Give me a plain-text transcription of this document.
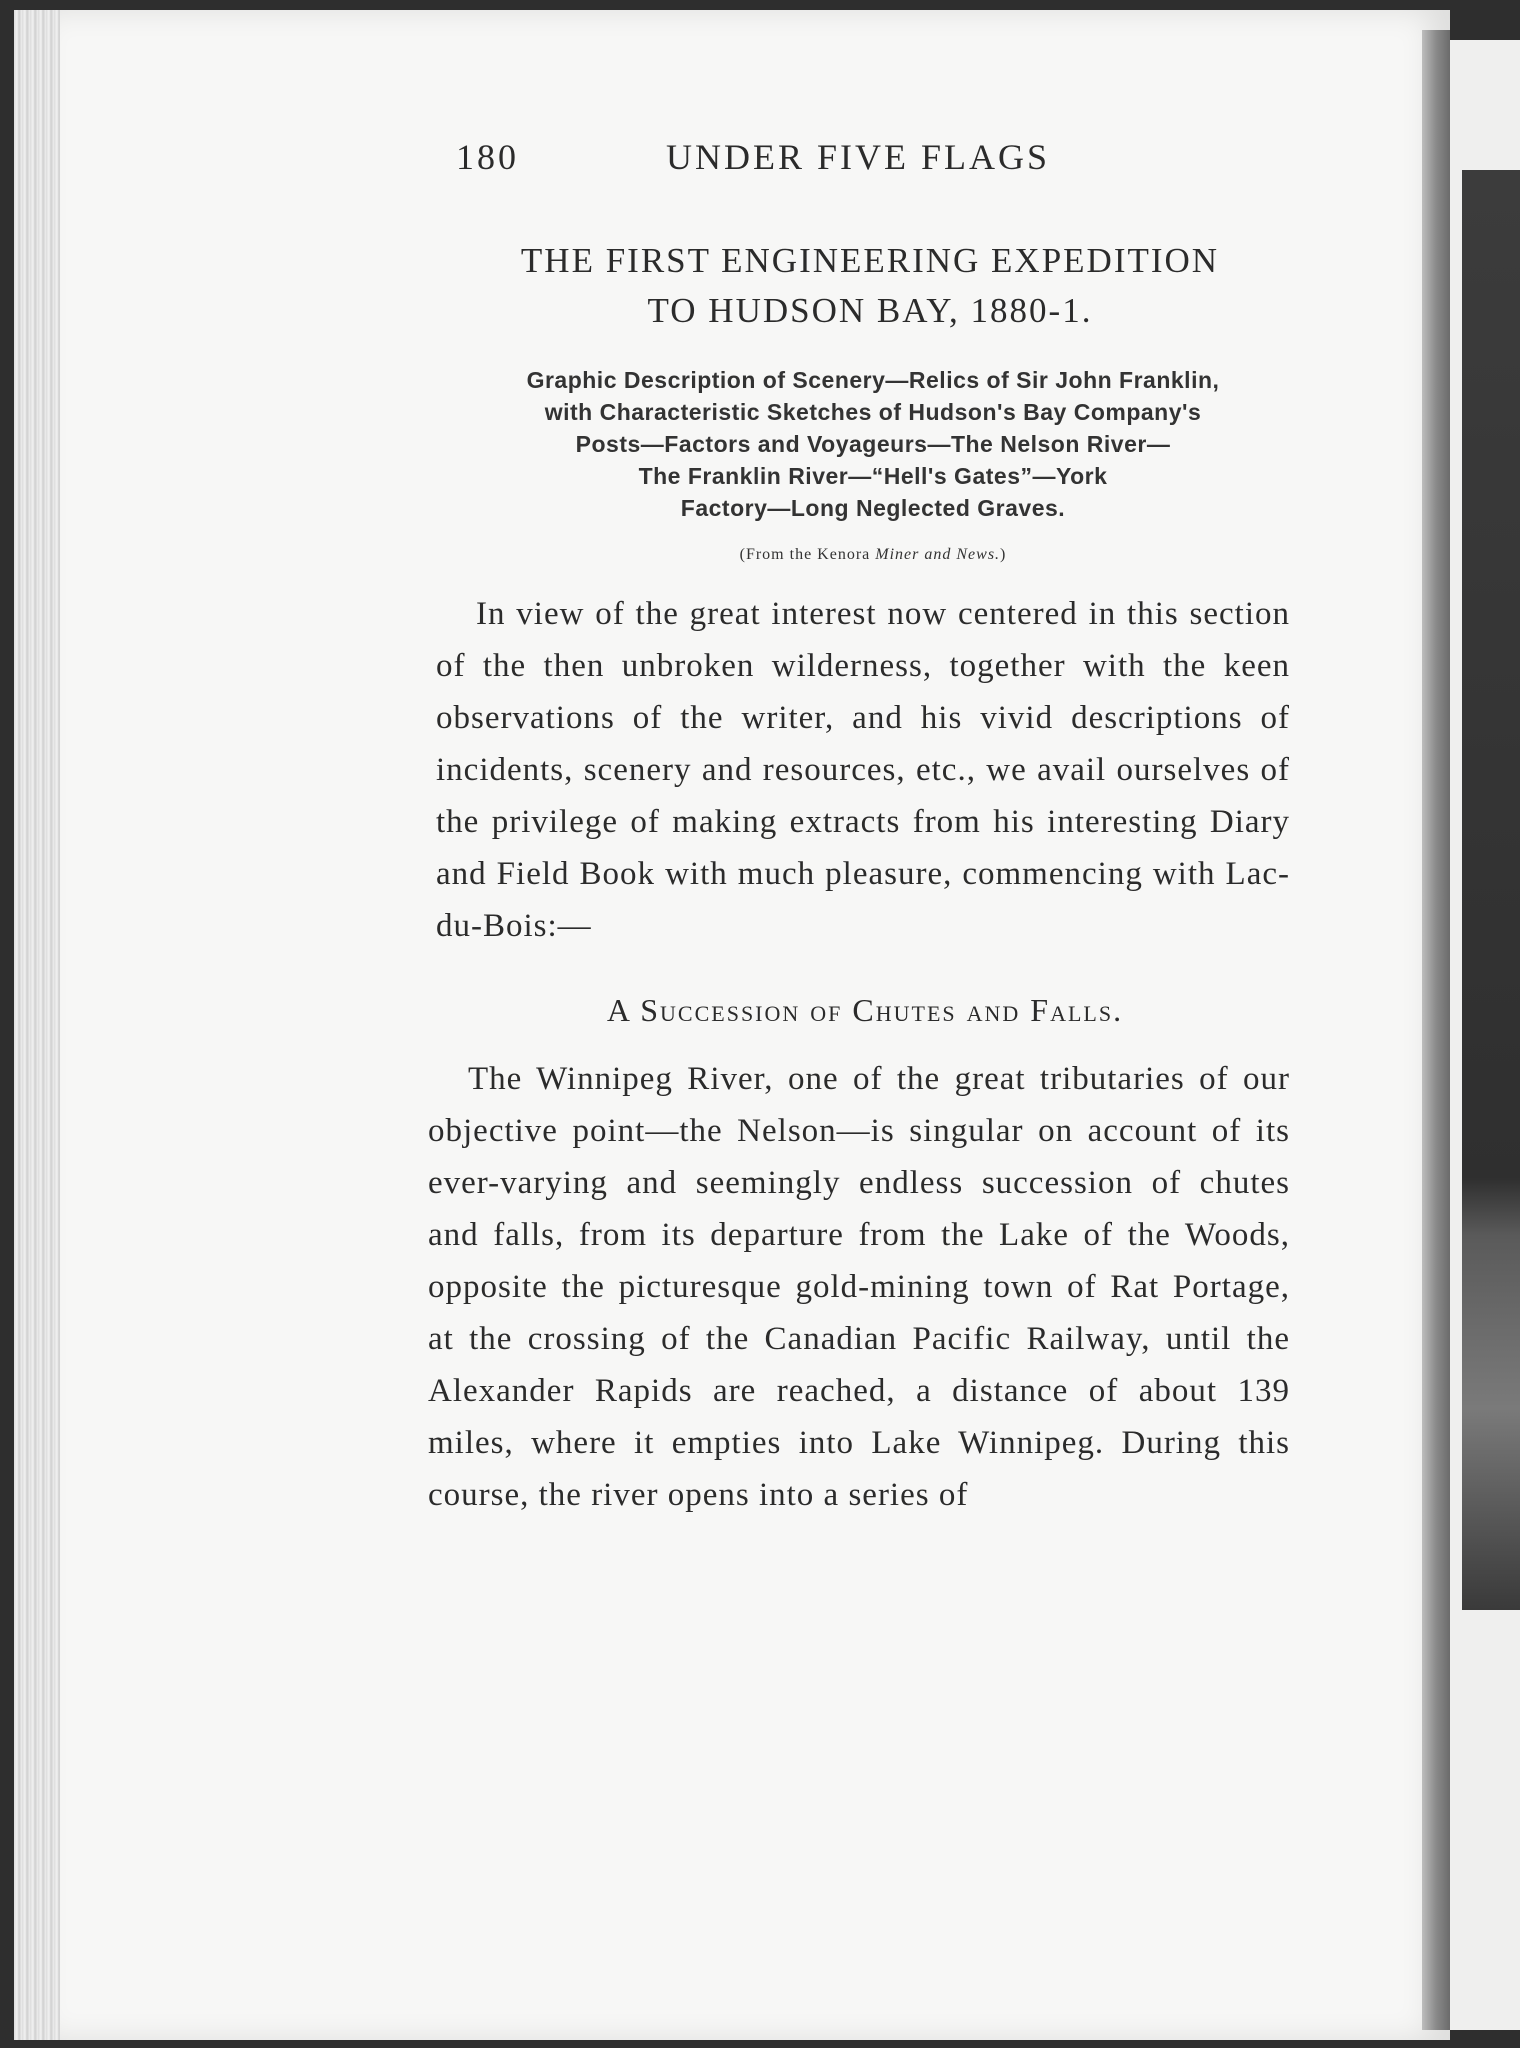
180	UNDER FIVE FLAGS
THE FIRST ENGINEERING EXPEDITION
TO HUDSON BAY, 1880-1.
Graphic Description of Scenery—Relics of Sir John Franklin,
with Characteristic Sketches of Hudson's Bay Company's
Posts—Factors and Voyageurs—The Nelson River—
The Franklin River—“Hell's Gates”—York
Factory—Long Neglected Graves.
(From the Kenora Miner and News.)

In view of the great interest now centered in this section of the then unbroken wilderness, together with the keen observations of the writer, and his vivid descriptions of incidents, scenery and resources, etc., we avail ourselves of the privilege of making extracts from his interesting Diary and Field Book with much pleasure, commencing with Lac-du-Bois:—

A Succession of Chutes and Falls.

The Winnipeg River, one of the great tributaries of our objective point—the Nelson—is singular on account of its ever-varying and seemingly endless succession of chutes and falls, from its departure from the Lake of the Woods, opposite the picturesque gold-mining town of Rat Portage, at the crossing of the Canadian Pacific Railway, until the Alexander Rapids are reached, a distance of about 139 miles, where it empties into Lake Winnipeg. During this course, the river opens into a series of
